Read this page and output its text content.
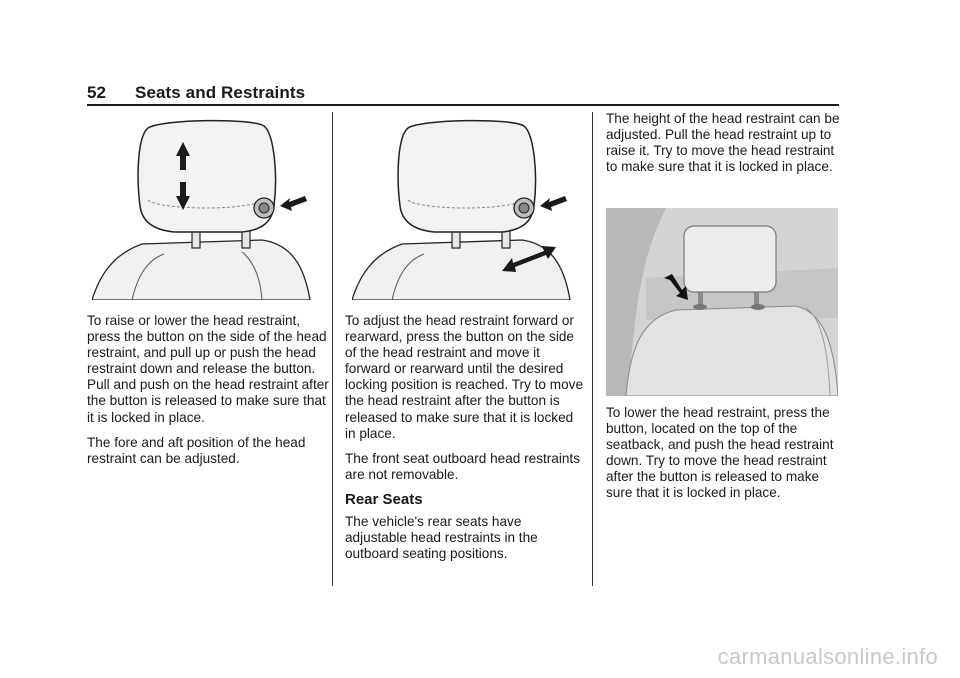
52 Seats and Restraints

To raise or lower the head restraint, press the button on the side of the head restraint, and pull up or push the head restraint down and release the button. Pull and push on the head restraint after the button is released to make sure that it is locked in place.

The fore and aft position of the head restraint can be adjusted.

To adjust the head restraint forward or rearward, press the button on the side of the head restraint and move it forward or rearward until the desired locking position is reached. Try to move the head restraint after the button is released to make sure that it is locked in place.

The front seat outboard head restraints are not removable.

Rear Seats

The vehicle's rear seats have adjustable head restraints in the outboard seating positions.

The height of the head restraint can be adjusted. Pull the head restraint up to raise it. Try to move the head restraint to make sure that it is locked in place.

To lower the head restraint, press the button, located on the top of the seatback, and push the head restraint down. Try to move the head restraint after the button is released to make sure that it is locked in place.

carmanualsonline.info
